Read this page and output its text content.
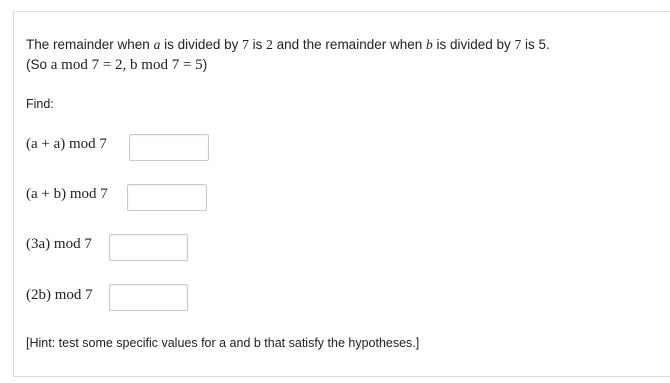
The remainder when a is divided by 7 is 2 and the remainder when b is divided by 7 is 5.
(So a mod 7 = 2, b mod 7 = 5)
Find:
(a + a) mod 7
(a + b) mod 7
(3a) mod 7
(2b) mod 7
[Hint: test some specific values for a and b that satisfy the hypotheses.]
